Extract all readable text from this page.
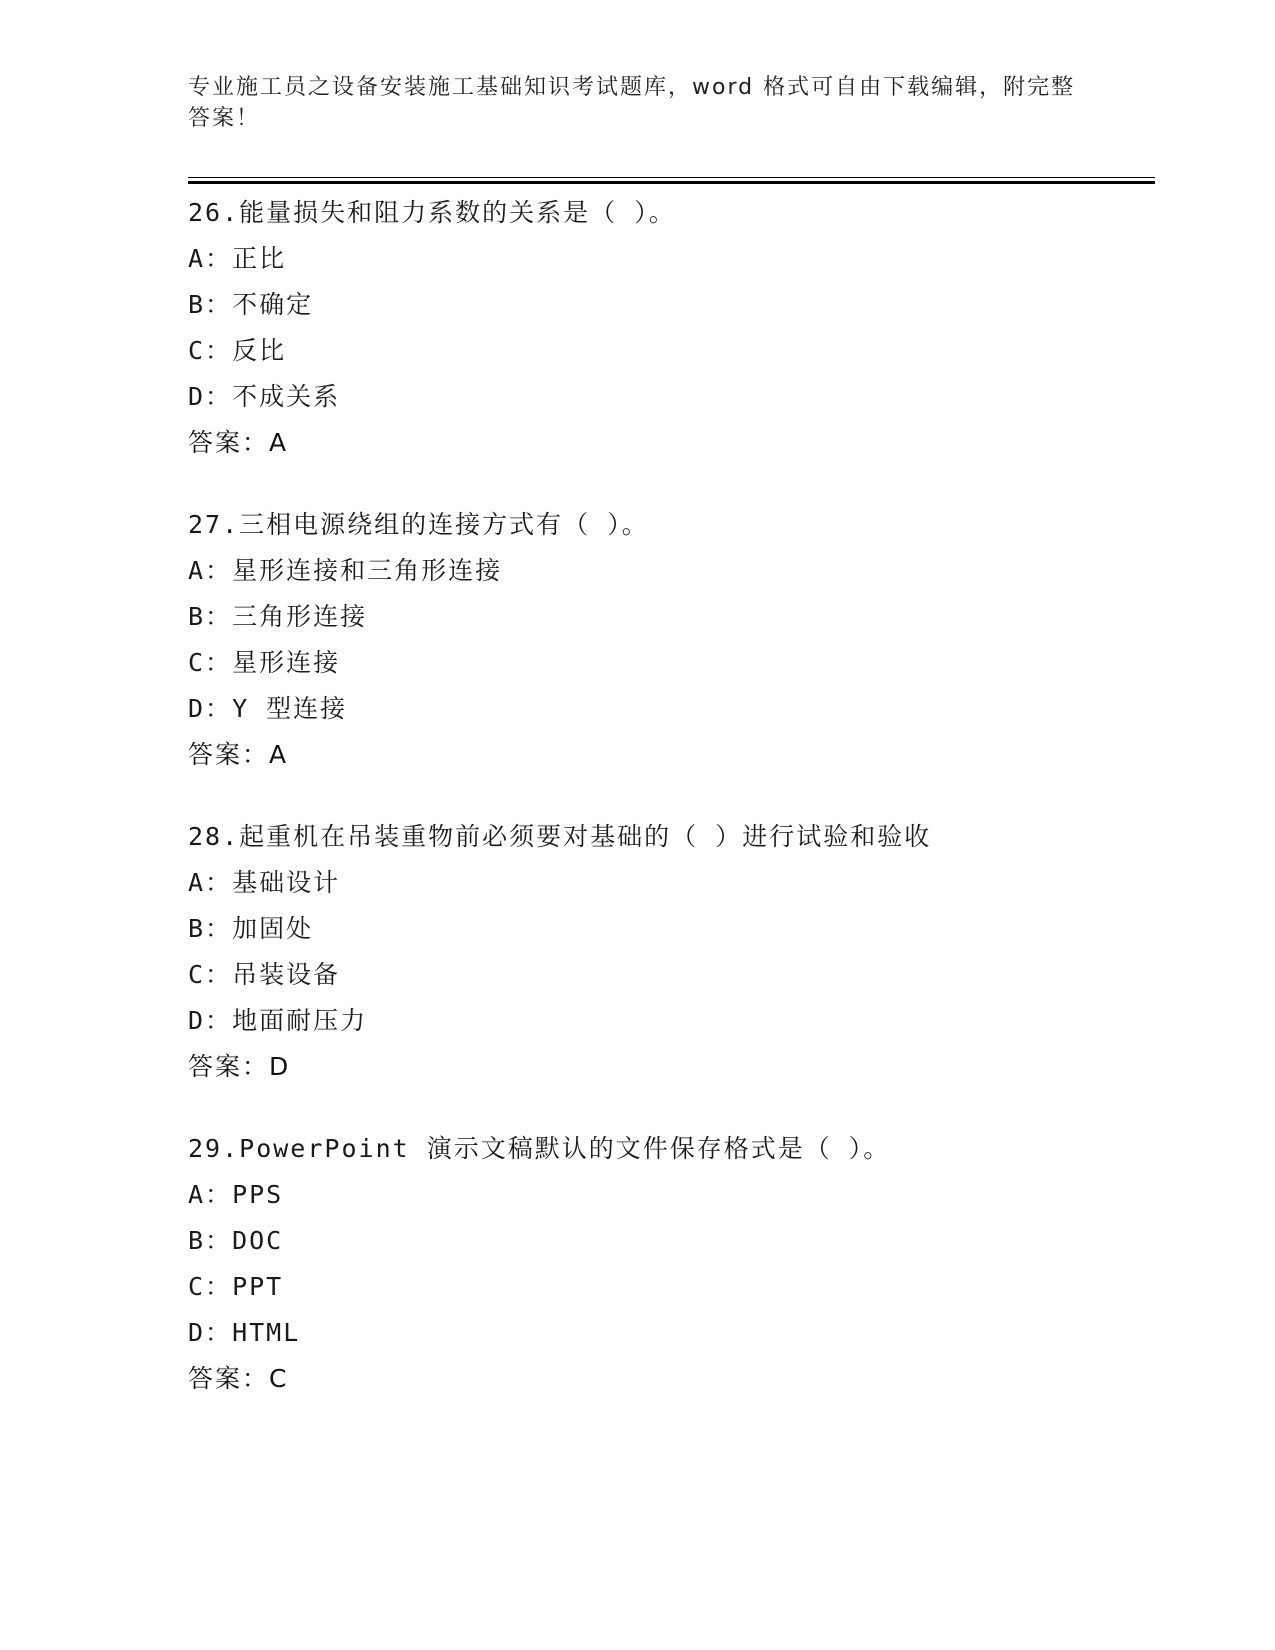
专业施工员之设备安装施工基础知识考试题库，word 格式可自由下载编辑，附完整答案！
26.能量损失和阻力系数的关系是（ ）。
A：正比
B：不确定
C：反比
D：不成关系
答案：A
27.三相电源绕组的连接方式有（ ）。
A：星形连接和三角形连接
B：三角形连接
C：星形连接
D：Y 型连接
答案：A
28.起重机在吊装重物前必须要对基础的（ ）进行试验和验收
A：基础设计
B：加固处
C：吊装设备
D：地面耐压力
答案：D
29.PowerPoint 演示文稿默认的文件保存格式是（ ）。
A：PPS
B：DOC
C：PPT
D：HTML
答案：C
